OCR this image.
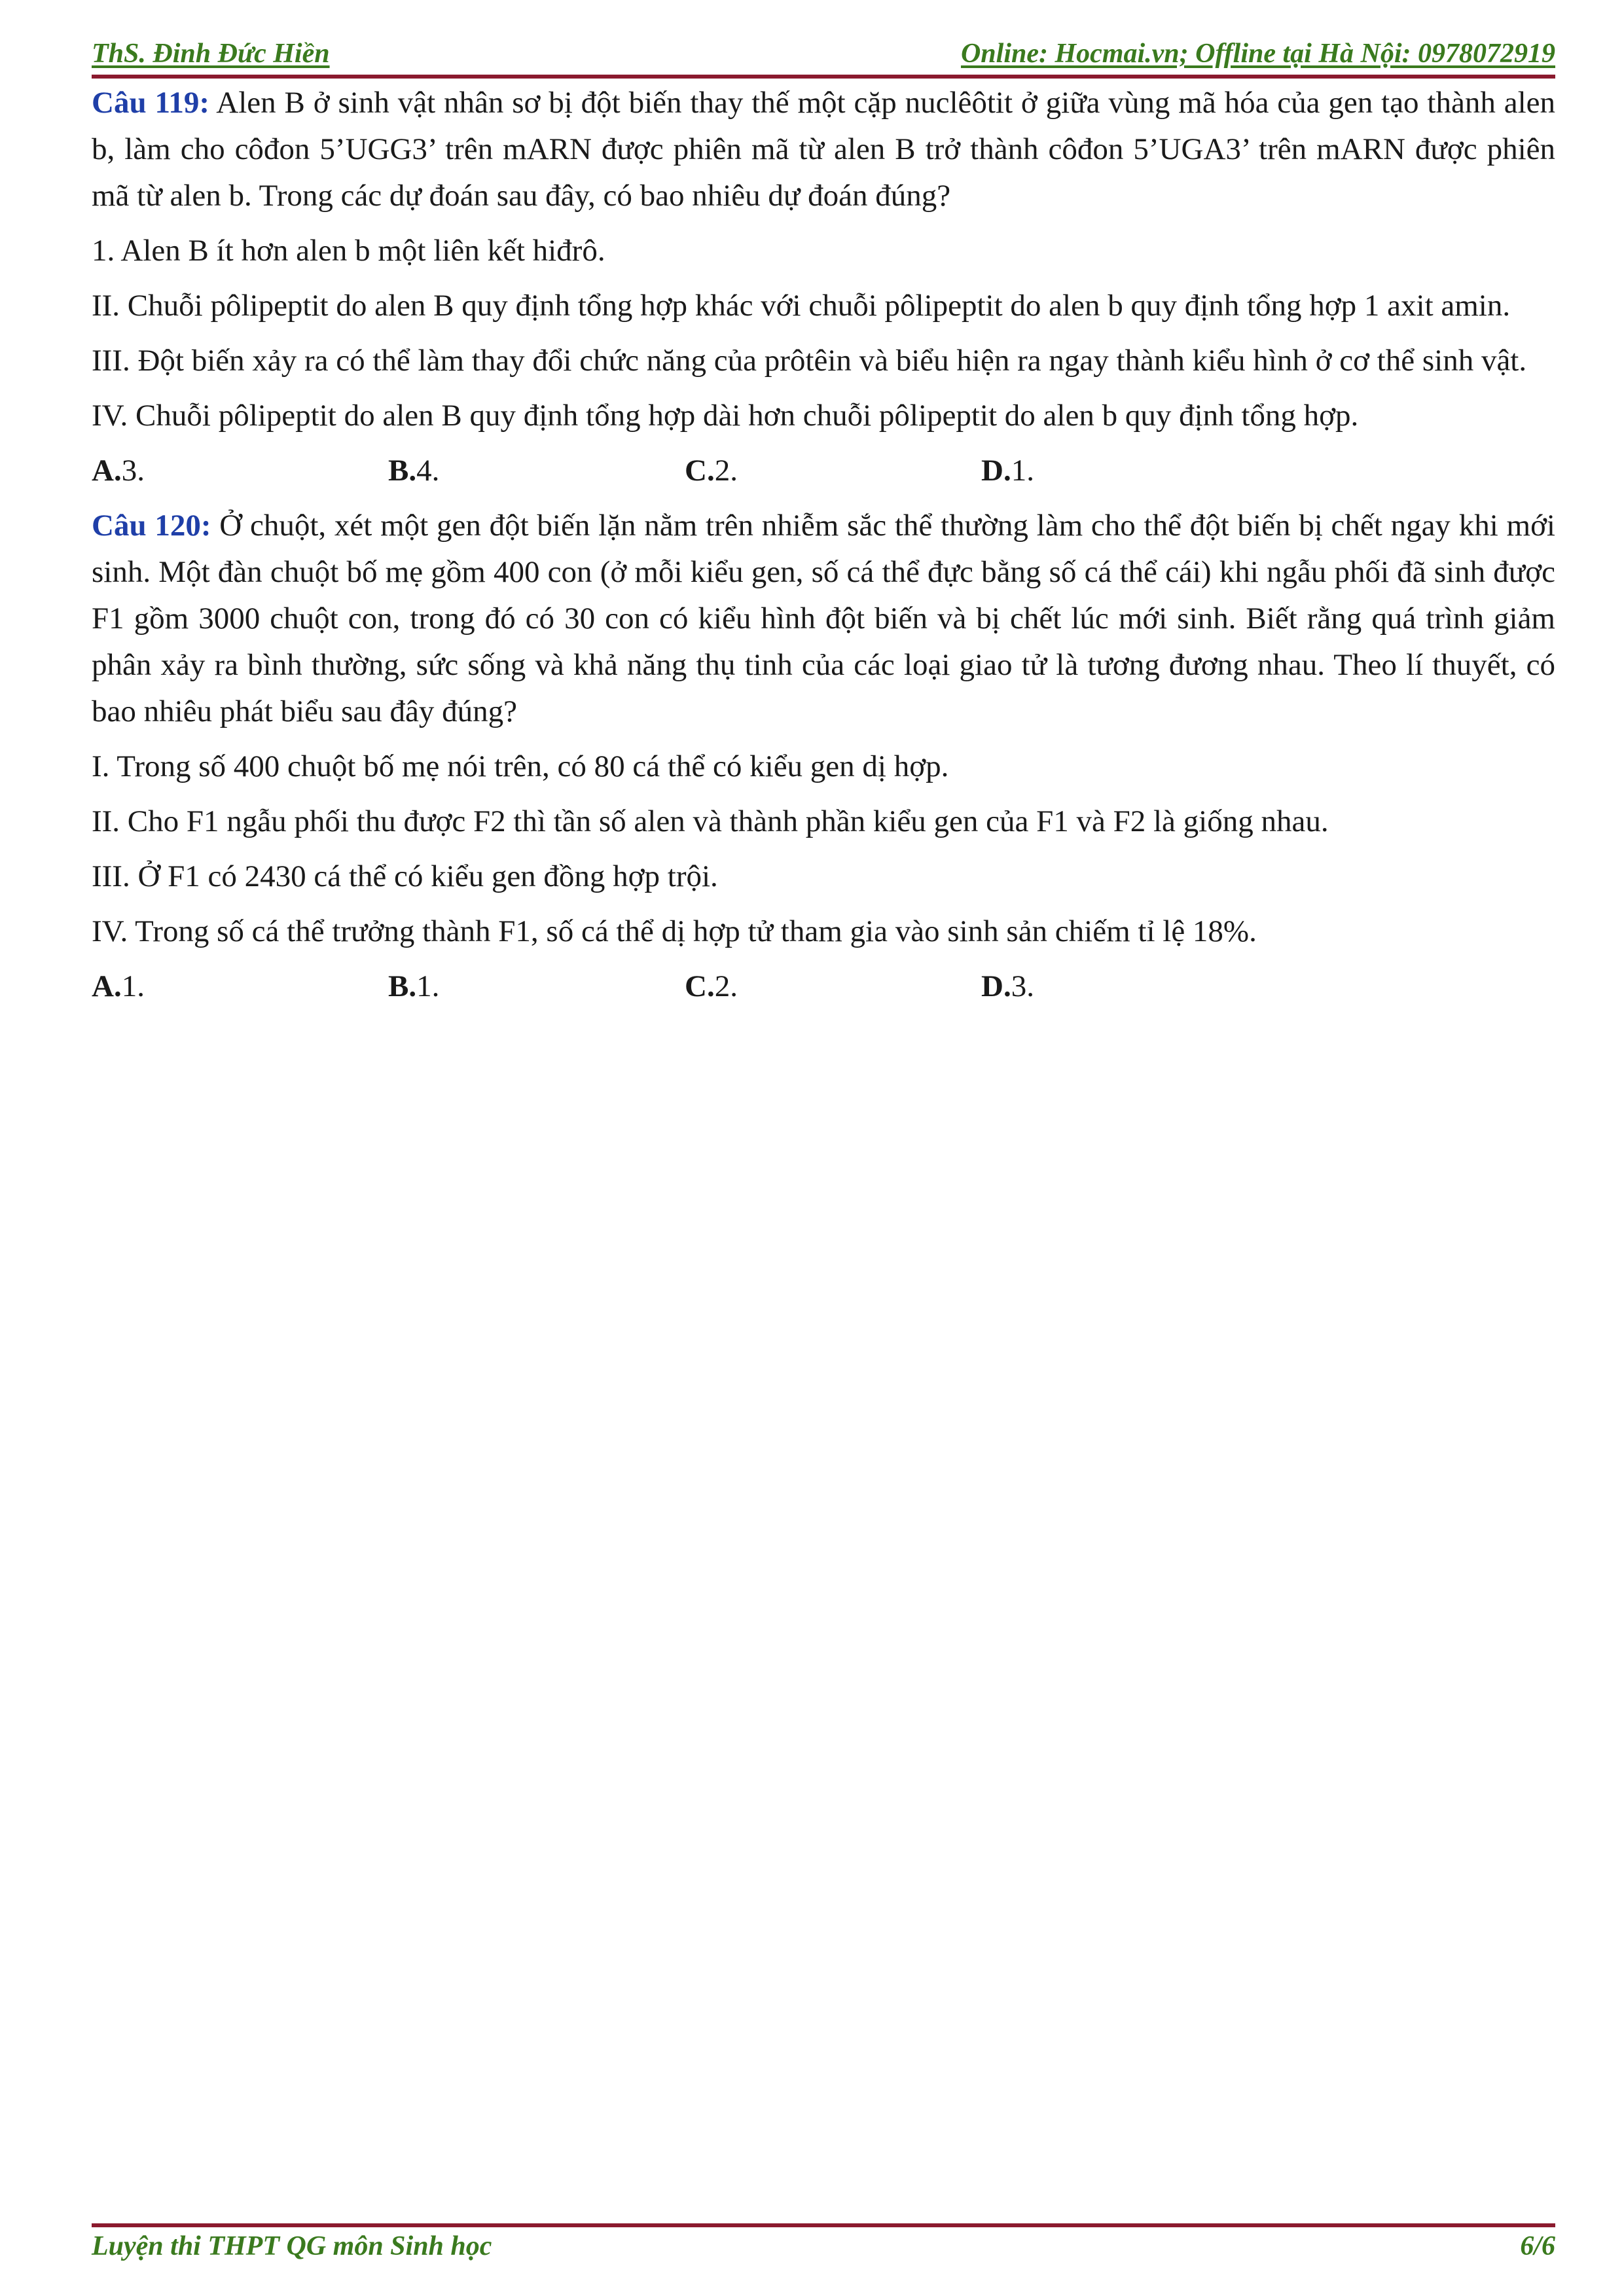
ThS. Đinh Đức Hiền	Online: Hocmai.vn; Offline tại Hà Nội: 0978072919

Câu 119: Alen B ở sinh vật nhân sơ bị đột biến thay thế một cặp nuclêôtit ở giữa vùng mã hóa của gen tạo thành alen b, làm cho côđon 5’UGG3’ trên mARN được phiên mã từ alen B trở thành côđon 5’UGA3’ trên mARN được phiên mã từ alen b. Trong các dự đoán sau đây, có bao nhiêu dự đoán đúng?

1. Alen B ít hơn alen b một liên kết hiđrô.

II. Chuỗi pôlipeptit do alen B quy định tổng hợp khác với chuỗi pôlipeptit do alen b quy định tổng hợp 1 axit amin.

III. Đột biến xảy ra có thể làm thay đổi chức năng của prôtêin và biểu hiện ra ngay thành kiểu hình ở cơ thể sinh vật.

IV. Chuỗi pôlipeptit do alen B quy định tổng hợp dài hơn chuỗi pôlipeptit do alen b quy định tổng hợp.

A.3.	B.4.	C.2.	D.1.

Câu 120: Ở chuột, xét một gen đột biến lặn nằm trên nhiễm sắc thể thường làm cho thể đột biến bị chết ngay khi mới sinh. Một đàn chuột bố mẹ gồm 400 con (ở mỗi kiểu gen, số cá thể đực bằng số cá thể cái) khi ngẫu phối đã sinh được F1 gồm 3000 chuột con, trong đó có 30 con có kiểu hình đột biến và bị chết lúc mới sinh. Biết rằng quá trình giảm phân xảy ra bình thường, sức sống và khả năng thụ tinh của các loại giao tử là tương đương nhau. Theo lí thuyết, có bao nhiêu phát biểu sau đây đúng?

I. Trong số 400 chuột bố mẹ nói trên, có 80 cá thể có kiểu gen dị hợp.

II. Cho F1 ngẫu phối thu được F2 thì tần số alen và thành phần kiểu gen của F1 và F2 là giống nhau.

III. Ở F1 có 2430 cá thể có kiểu gen đồng hợp trội.

IV. Trong số cá thể trưởng thành F1, số cá thể dị hợp tử tham gia vào sinh sản chiếm tỉ lệ 18%.

A.1.	B.1.	C.2.	D.3.
Luyện thi THPT QG môn Sinh học	6/6
